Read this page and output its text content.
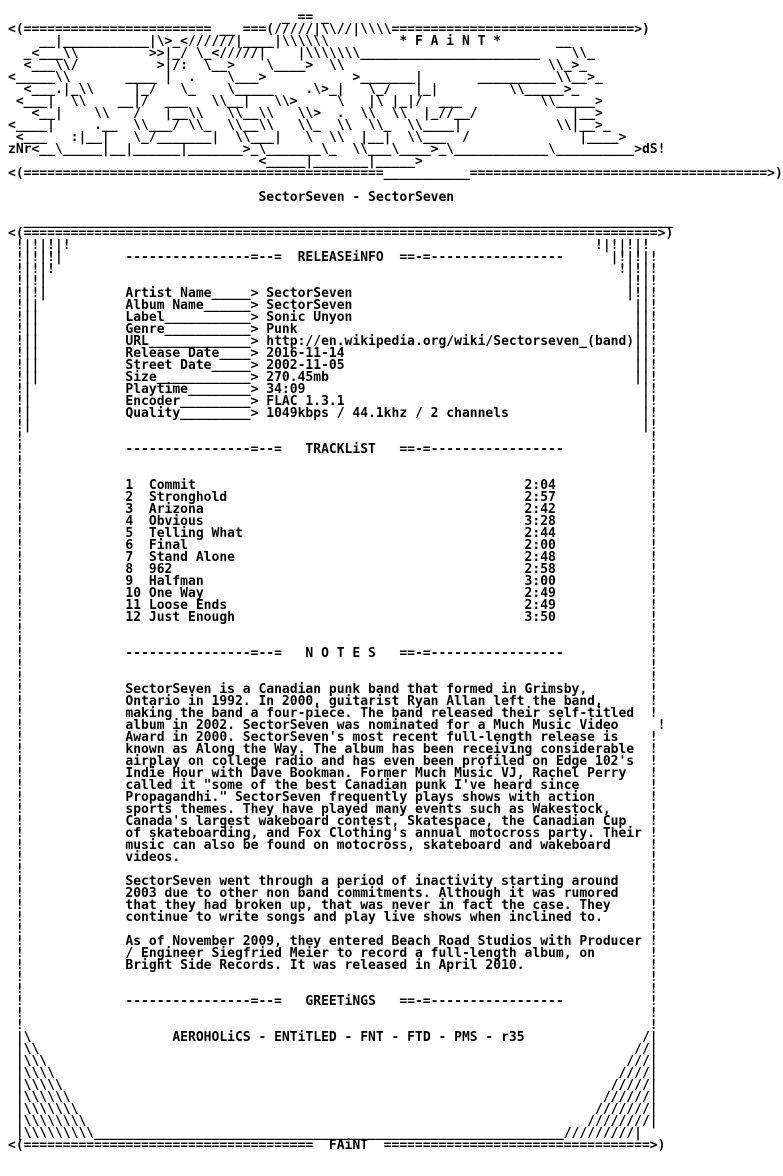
_ == _
<(======================== __ ===(/////|\\//|\\\\===============================>)
__|___________|\>_<//////|____|\\\\\\         * F A i N T *       __
_<___\\         >>|_/ \_</////|    |\\\\\\\_______________________    \\_
<___\\/          >|/:  \__>    \____>  \\                          \\_>_
<_____\\       ____ |  .    \___>           >_______|       __________\\__>_
<___.|_\\     |_/   \_    \_____    .\>_|   \_/   |_|         \\_____>_
<___|  \\    __|/  ___   \\__|   \\>     \   |\ |_|/  ___          \\_____>
<__|    \\   /   |__\\   \\__\\   \\>  .  \\  \\  |_//__/            |__>
<____|     .__  \\___/ \\_  \\__\\   \\_  \\  \\_  \\____|            \\|__>_
<___   :|__|   \_/_______|  \\___|   \  \\  |__|  \\___  /              |____>
zNr<__\_____|__|______|_______>_\_______\_  \\___\____>_\____________\__________>dS!
<_____|_______|_____>
<(==============================================___________======================================>)
SectorSeven - SectorSeven
___________________________________________________________________________________
<(=================================================================================>)
!|!|!|!                                                                   !|!|!|!
!|!|!|        ----------------=--=  RELEASEiNFO  ==-=-----------------      |!|!|!
!|!|!                                                                        !|!|!
!|!|                                                                          |!|!
!|!|          Artist Name_____> SectorSeven                                   |!|!
!||           Album Name______> SectorSeven                                    ||!
!||           Label___________> Sonic Unyon                                    ||!
!||           Genre___________> Punk                                           ||!
!||           URL_____________> http://en.wikipedia.org/wiki/Sectorseven_(band)||!
!||           Release Date____> 2016-11-14                                     ||!
!||           Street Date_____> 2002-11-05                                     ||!
!||           Size____________> 270.45mb                                       ||!
!|            Playtime________> 34:09                                           |!
!|            Encoder_________> FLAC 1.3.1                                      |!
!|            Quality_________> 1049kbps / 44.1khz / 2 channels                 |!
!|                                                                              |!
!                                                                                !
!             ----------------=--=   TRACKLiST   ==-=-----------------           !
!                                                                                !
!                                                                                !
!             1  Commit                                          2:04            !
!             2  Stronghold                                      2:57            !
!             3  Arizona                                         2:42            !
!             4  Obvious                                         3:28            !
!             5  Telling What                                    2:44            !
!             6  Final                                           2:00            !
!             7  Stand Alone                                     2:48            !
!             8  962                                             2:58            !
!             9  Halfman                                         3:00            !
!             10 One Way                                         2:49            !
!             11 Loose Ends                                      2:49            !
!             12 Just Enough                                     3:50            !
!                                                                                !
!                                                                                !
!             ----------------=--=   N O T E S   ==-=-----------------           !
!                                                                                !
!                                                                                !
!             SectorSeven is a Canadian punk band that formed in Grimsby,        !
!             Ontario in 1992. In 2000, guitarist Ryan Allan left the band,      !
!             making the band a four-piece. The band released their self-titled  !
!             album in 2002. SectorSeven was nominated for a Much Music Video     !
!             Award in 2000. SectorSeven's most recent full-length release is    !
!             known as Along the Way. The album has been receiving considerable  !
!             airplay on college radio and has even been profiled on Edge 102's  !
!             Indie Hour with Dave Bookman. Former Much Music VJ, Rachel Perry   !
!             called it "some of the best Canadian punk I've heard since         !
!             Propagandhi." SectorSeven frequently plays shows with action       !
!             sports themes. They have played many events such as Wakestock,     !
!             Canada's largest wakeboard contest, Skatespace, the Canadian Cup   !
!             of skateboarding, and Fox Clothing's annual motocross party. Their !
!             music can also be found on motocross, skateboard and wakeboard     !
!             videos.                                                            !
!                                                                                !
!             SectorSeven went through a period of inactivity starting around    !
!             2003 due to other non band commitments. Although it was rumored    !
!             that they had broken up, that was never in fact the case. They     !
!             continue to write songs and play live shows when inclined to.      !
!                                                                                !
!             As of November 2009, they entered Beach Road Studios with Producer !
!             / Engineer Siegfried Meier to record a full-length album, on       !
!             Bright Side Records. It was released in April 2010.                !
!                                                                                !
!                                                                                !
!             ----------------=--=   GREETiNGS   ==-=-----------------           !
!                                                                                !
!                                                                                !
|\                  AEROHOLiCS - ENTiTLED - FNT - FTD - PMS - r35               /|
|\\                                                                            //|
|\\\                                                                          ///|
|\\\\                                                                        ////|
|\\\\\                                                                      /////|
|\\\\\\                                                                    //////|
|\\\\\\\                                                                  ///////|
|\\\\\\\\                                                                ////////|
|\\\\\\\\\____________________________________________________________/////////|
<(=====================================  FAiNT  ==================================>)
